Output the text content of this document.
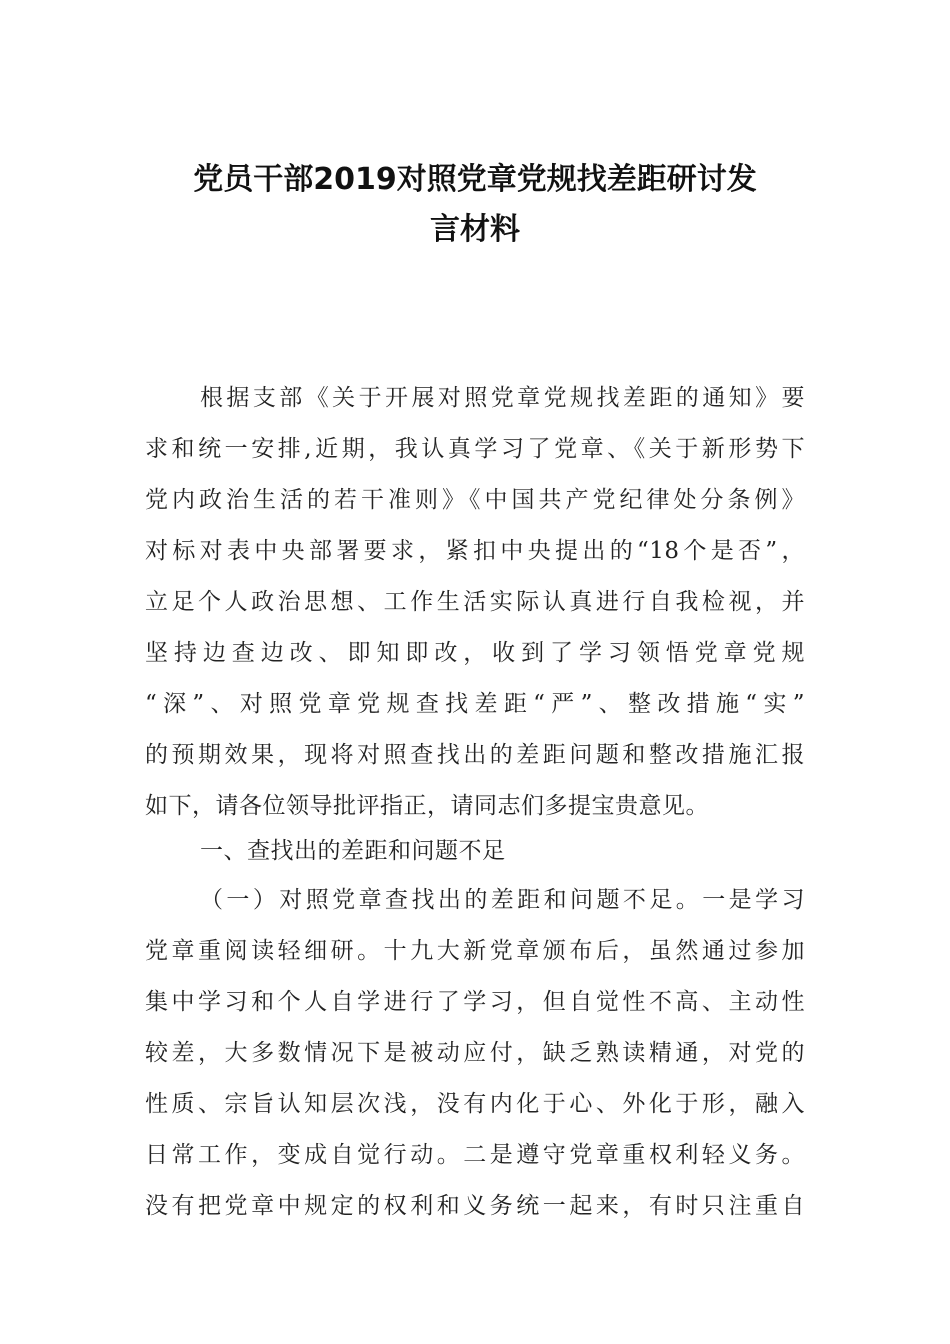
党员干部2019对照党章党规找差距研讨发
言材料
根据支部《关于开展对照党章党规找差距的通知》要
求和统一安排,近期，我认真学习了党章、《关于新形势下
党内政治生活的若干准则》《中国共产党纪律处分条例》
对标对表中央部署要求，紧扣中央提出的“18个是否”，
立足个人政治思想、工作生活实际认真进行自我检视，并
坚持边查边改、即知即改，收到了学习领悟党章党规
“深”、对照党章党规查找差距“严”、整改措施“实”
的预期效果，现将对照查找出的差距问题和整改措施汇报
如下，请各位领导批评指正，请同志们多提宝贵意见。
一、查找出的差距和问题不足
（一）对照党章查找出的差距和问题不足。一是学习
党章重阅读轻细研。十九大新党章颁布后，虽然通过参加
集中学习和个人自学进行了学习，但自觉性不高、主动性
较差，大多数情况下是被动应付，缺乏熟读精通，对党的
性质、宗旨认知层次浅，没有内化于心、外化于形，融入
日常工作，变成自觉行动。二是遵守党章重权利轻义务。
没有把党章中规定的权利和义务统一起来，有时只注重自
